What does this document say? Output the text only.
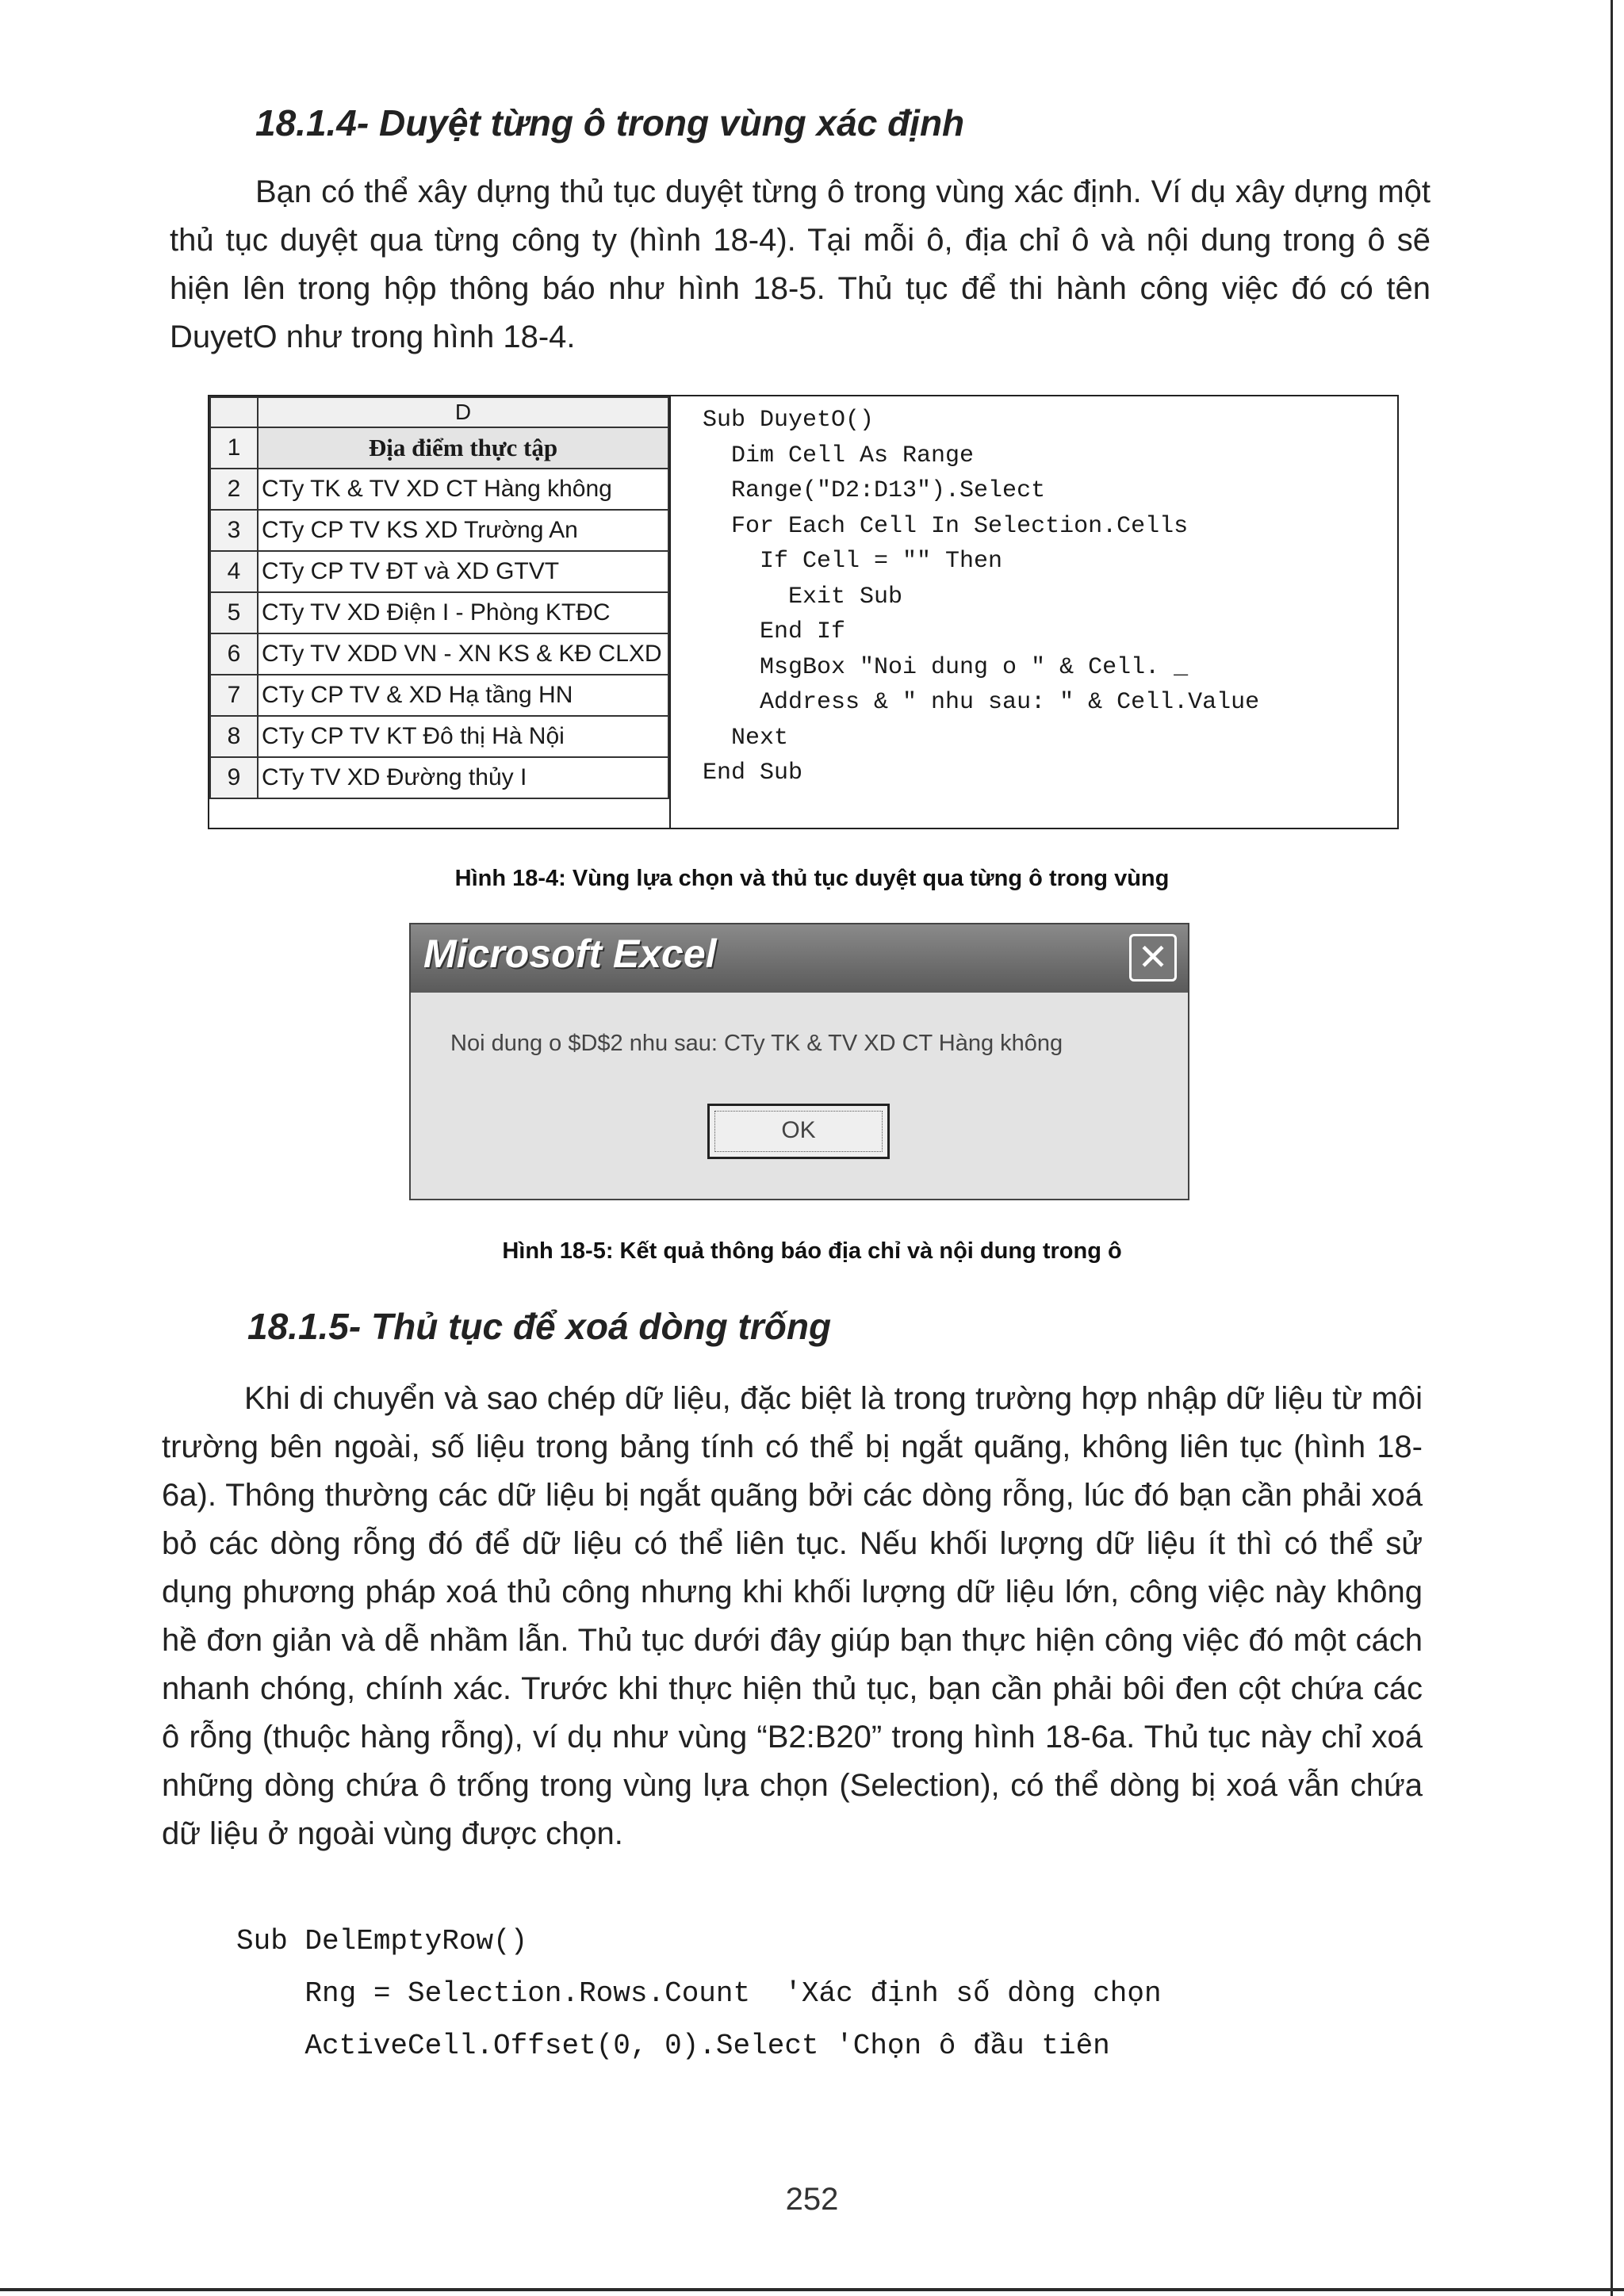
18.1.4- Duyệt từng ô trong vùng xác định
Bạn có thể xây dựng thủ tục duyệt từng ô trong vùng xác định. Ví dụ xây dựng một thủ tục duyệt qua từng công ty (hình 18-4). Tại mỗi ô, địa chỉ ô và nội dung trong ô sẽ hiện lên trong hộp thông báo như hình 18-5. Thủ tục để thi hành công việc đó có tên DuyetO như trong hình 18-4.
	D
1	Địa điểm thực tập
2	CTy TK & TV XD CT Hàng không
3	CTy CP TV KS XD Trường An
4	CTy CP TV ĐT và XD GTVT
5	CTy TV XD Điện I - Phòng KTĐC
6	CTy TV XDD VN - XN KS & KĐ CLXD
7	CTy CP TV & XD Hạ tầng HN
8	CTy CP TV KT Đô thị Hà Nội
9	CTy TV XD Đường thủy I
Sub DuyetO()
Dim Cell As Range
Range("D2:D13").Select
For Each Cell In Selection.Cells
If Cell = "" Then
Exit Sub
End If
MsgBox "Noi dung o " & Cell. _
Address & " nhu sau: " & Cell.Value
Next
End Sub
Hình 18-4: Vùng lựa chọn và thủ tục duyệt qua từng ô trong vùng
Microsoft Excel	✕
Noi dung o $D$2 nhu sau: CTy TK & TV XD CT Hàng không
OK
Hình 18-5: Kết quả thông báo địa chỉ và nội dung trong ô
18.1.5- Thủ tục để xoá dòng trống
Khi di chuyển và sao chép dữ liệu, đặc biệt là trong trường hợp nhập dữ liệu từ môi trường bên ngoài, số liệu trong bảng tính có thể bị ngắt quãng, không liên tục (hình 18-6a). Thông thường các dữ liệu bị ngắt quãng bởi các dòng rỗng, lúc đó bạn cần phải xoá bỏ các dòng rỗng đó để dữ liệu có thể liên tục. Nếu khối lượng dữ liệu ít thì có thể sử dụng phương pháp xoá thủ công nhưng khi khối lượng dữ liệu lớn, công việc này không hề đơn giản và dễ nhầm lẫn. Thủ tục dưới đây giúp bạn thực hiện công việc đó một cách nhanh chóng, chính xác. Trước khi thực hiện thủ tục, bạn cần phải bôi đen cột chứa các ô rỗng (thuộc hàng rỗng), ví dụ như vùng “B2:B20” trong hình 18-6a. Thủ tục này chỉ xoá những dòng chứa ô trống trong vùng lựa chọn (Selection), có thể dòng bị xoá vẫn chứa dữ liệu ở ngoài vùng được chọn.
Sub DelEmptyRow()
Rng = Selection.Rows.Count  'Xác định số dòng chọn
ActiveCell.Offset(0, 0).Select 'Chọn ô đầu tiên
252
